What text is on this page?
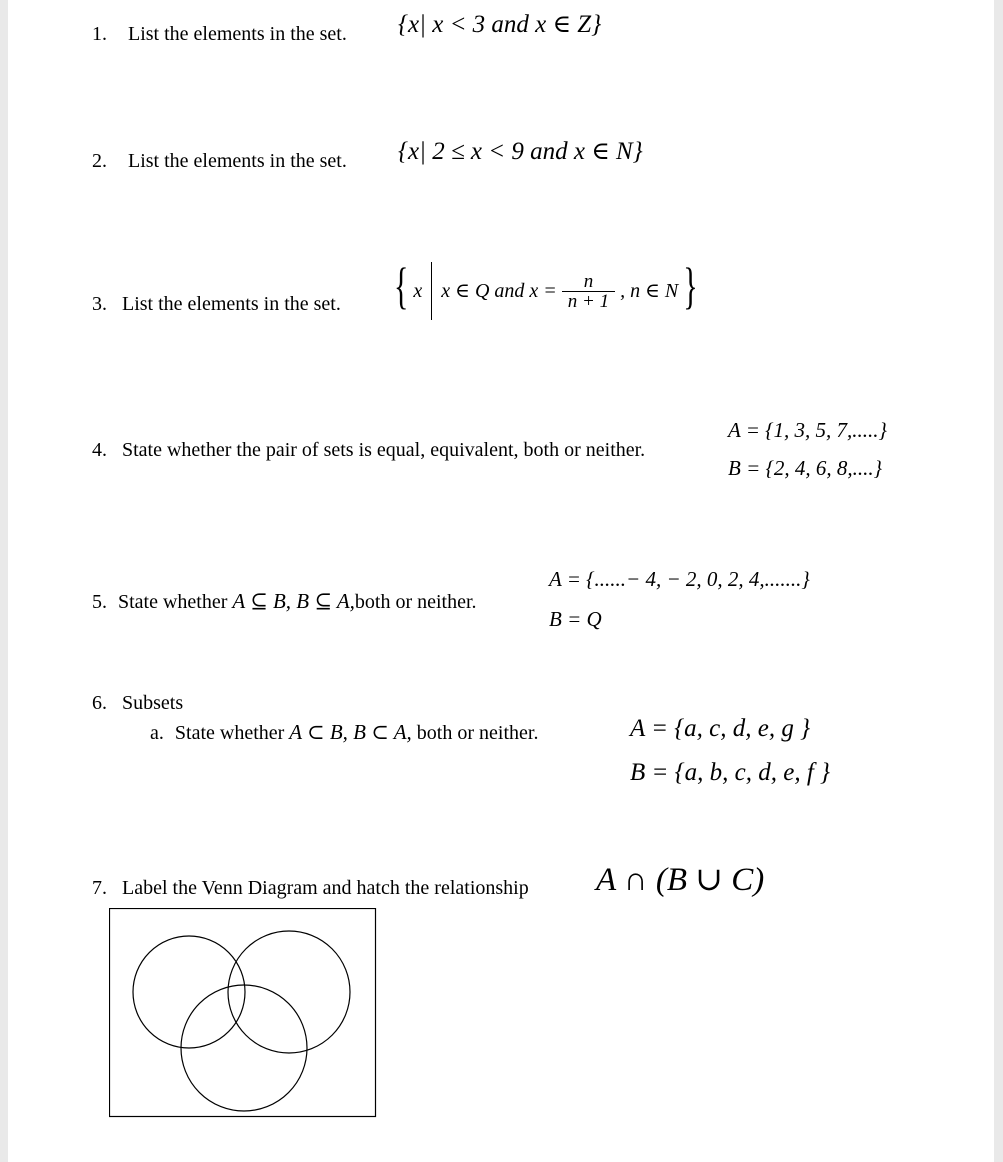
1. List the elements in the set. {x| x < 3 and x ∈ Z}
2. List the elements in the set. {x| 2 ≤ x < 9 and x ∈ N}
3. List the elements in the set. { x x ∈ Q and $x = \frac{n}{n + 1}$ , n ∈ N }
4. State whether the pair of sets is equal, equivalent, both or neither.
A = {1, 3, 5, 7,.....}
B = {2, 4, 6, 8,....}
5. State whether A ⊆ B, B ⊆ A,both or neither.
A = {......− 4, − 2, 0, 2, 4,.......}
B = Q
6. Subsets
a. State whether A ⊂ B, B ⊂ A, both or neither.	A = {a, c, d, e, g }
B = {a, b, c, d, e, f }
7. Label the Venn Diagram and hatch the relationship A ∩ (B ∪ C)
